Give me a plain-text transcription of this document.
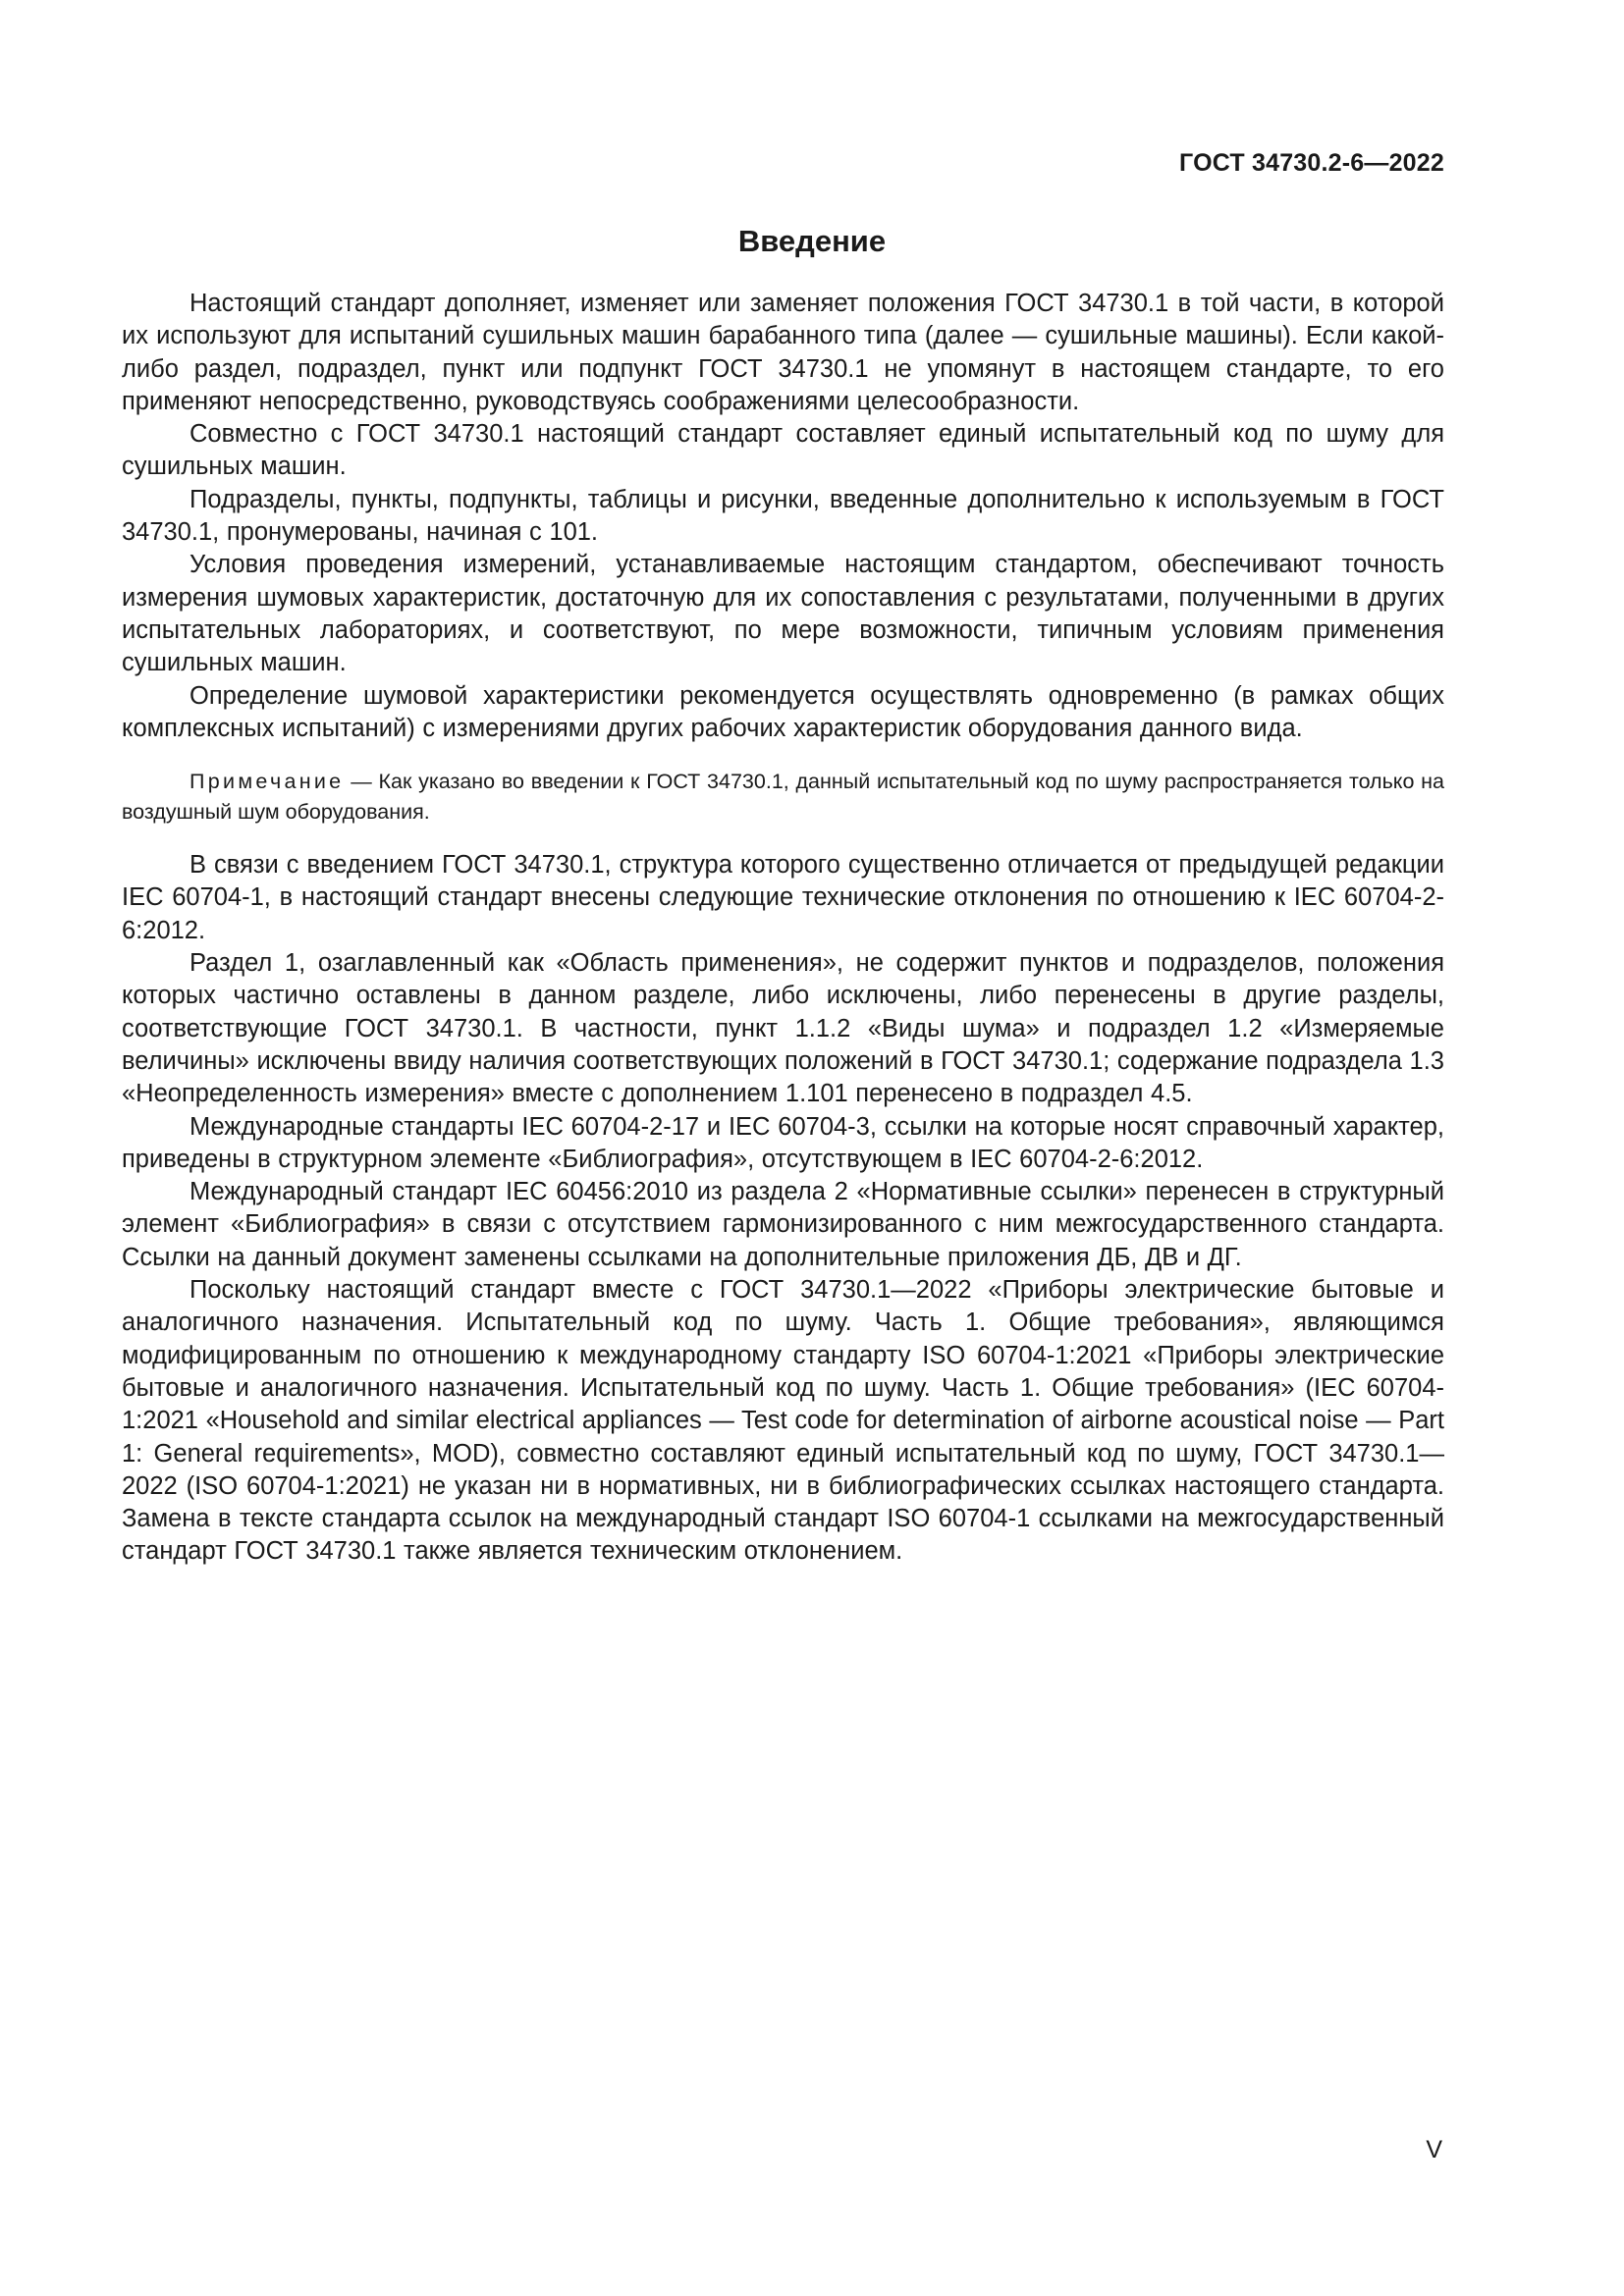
ГОСТ 34730.2-6—2022

Введение

Настоящий стандарт дополняет, изменяет или заменяет положения ГОСТ 34730.1 в той части, в которой их используют для испытаний сушильных машин барабанного типа (далее — сушильные машины). Если какой-либо раздел, подраздел, пункт или подпункт ГОСТ 34730.1 не упомянут в настоящем стандарте, то его применяют непосредственно, руководствуясь соображениями целесообразности.

Совместно с ГОСТ 34730.1 настоящий стандарт составляет единый испытательный код по шуму для сушильных машин.

Подразделы, пункты, подпункты, таблицы и рисунки, введенные дополнительно к используемым в ГОСТ 34730.1, пронумерованы, начиная с 101.

Условия проведения измерений, устанавливаемые настоящим стандартом, обеспечивают точность измерения шумовых характеристик, достаточную для их сопоставления с результатами, полученными в других испытательных лабораториях, и соответствуют, по мере возможности, типичным условиям применения сушильных машин.

Определение шумовой характеристики рекомендуется осуществлять одновременно (в рамках общих комплексных испытаний) с измерениями других рабочих характеристик оборудования данного вида.

Примечание — Как указано во введении к ГОСТ 34730.1, данный испытательный код по шуму распространяется только на воздушный шум оборудования.

В связи с введением ГОСТ 34730.1, структура которого существенно отличается от предыдущей редакции IEC 60704-1, в настоящий стандарт внесены следующие технические отклонения по отношению к IEC 60704-2-6:2012.

Раздел 1, озаглавленный как «Область применения», не содержит пунктов и подразделов, положения которых частично оставлены в данном разделе, либо исключены, либо перенесены в другие разделы, соответствующие ГОСТ 34730.1. В частности, пункт 1.1.2 «Виды шума» и подраздел 1.2 «Измеряемые величины» исключены ввиду наличия соответствующих положений в ГОСТ 34730.1; содержание подраздела 1.3 «Неопределенность измерения» вместе с дополнением 1.101 перенесено в подраздел 4.5.

Международные стандарты IEC 60704-2-17 и IEC 60704-3, ссылки на которые носят справочный характер, приведены в структурном элементе «Библиография», отсутствующем в IEC 60704-2-6:2012.

Международный стандарт IEC 60456:2010 из раздела 2 «Нормативные ссылки» перенесен в структурный элемент «Библиография» в связи с отсутствием гармонизированного с ним межгосударственного стандарта. Ссылки на данный документ заменены ссылками на дополнительные приложения ДБ, ДВ и ДГ.

Поскольку настоящий стандарт вместе с ГОСТ 34730.1—2022 «Приборы электрические бытовые и аналогичного назначения. Испытательный код по шуму. Часть 1. Общие требования», являющимся модифицированным по отношению к международному стандарту ISO 60704-1:2021 «Приборы электрические бытовые и аналогичного назначения. Испытательный код по шуму. Часть 1. Общие требования» (IEC 60704-1:2021 «Household and similar electrical appliances — Test code for determination of airborne acoustical noise — Part 1: General requirements», MOD), совместно составляют единый испытательный код по шуму, ГОСТ 34730.1—2022 (ISO 60704-1:2021) не указан ни в нормативных, ни в библиографических ссылках настоящего стандарта. Замена в тексте стандарта ссылок на международный стандарт ISO 60704-1 ссылками на межгосударственный стандарт ГОСТ 34730.1 также является техническим отклонением.

V
